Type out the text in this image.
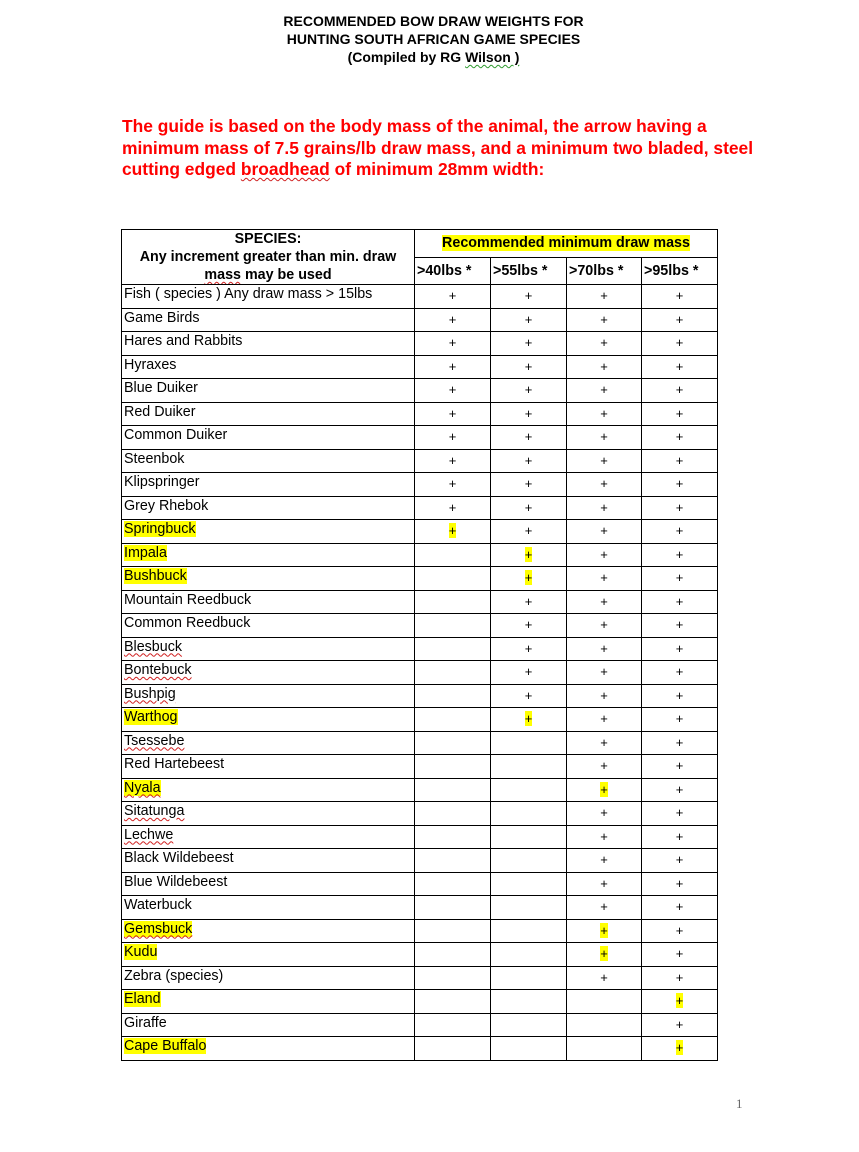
RECOMMENDED BOW DRAW WEIGHTS FOR
HUNTING SOUTH AFRICAN GAME SPECIES
(Compiled by RG Wilson )
The guide is based on the body mass of the animal, the arrow having a minimum mass of 7.5 grains/lb draw mass, and a minimum two bladed, steel cutting edged broadhead of minimum 28mm width:
SPECIES:
Any increment greater than min. draw
mass may be used	Recommended minimum draw mass			
	>40lbs *	>55lbs *	>70lbs *	>95lbs *
Fish ( species ) Any draw mass > 15lbs	+	+	+	+
Game Birds	+	+	+	+
Hares and Rabbits	+	+	+	+
Hyraxes	+	+	+	+
Blue Duiker	+	+	+	+
Red Duiker	+	+	+	+
Common Duiker	+	+	+	+
Steenbok	+	+	+	+
Klipspringer	+	+	+	+
Grey Rhebok	+	+	+	+
Springbuck	+	+	+	+
Impala		+	+	+
Bushbuck		+	+	+
Mountain Reedbuck		+	+	+
Common Reedbuck		+	+	+
Blesbuck		+	+	+
Bontebuck		+	+	+
Bushpig		+	+	+
Warthog		+	+	+
Tsessebe			+	+
Red Hartebeest			+	+
Nyala			+	+
Sitatunga			+	+
Lechwe			+	+
Black Wildebeest			+	+
Blue Wildebeest			+	+
Waterbuck			+	+
Gemsbuck			+	+
Kudu			+	+
Zebra (species)			+	+
Eland				+
Giraffe				+
Cape Buffalo				+
1
